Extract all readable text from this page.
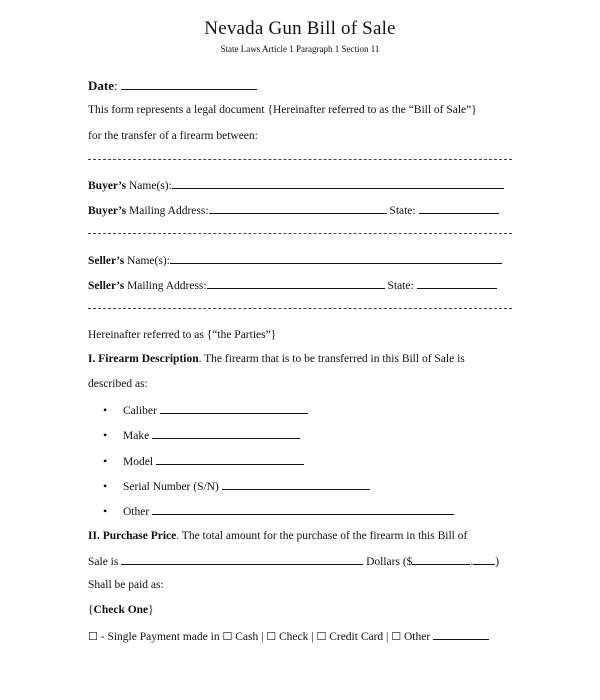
Nevada Gun Bill of Sale
State Laws Article 1 Paragraph 1 Section 11
Date:
This form represents a legal document {Hereinafter referred to as the “Bill of Sale”}
for the transfer of a firearm between:
Buyer’s Name(s):
Buyer’s Mailing Address:	State:
Seller’s Name(s):
Seller’s Mailing Address:	State:
Hereinafter referred to as {“the Parties”}
I. Firearm Description. The firearm that is to be transferred in this Bill of Sale is
described as:
• Caliber
• Make
• Model
• Serial Number (S/N)
• Other
II. Purchase Price. The total amount for the purchase of the firearm in this Bill of
Sale is	Dollars ($	. )
Shall be paid as:
{Check One}
☐ - Single Payment made in ☐ Cash | ☐ Check | ☐ Credit Card | ☐ Other
